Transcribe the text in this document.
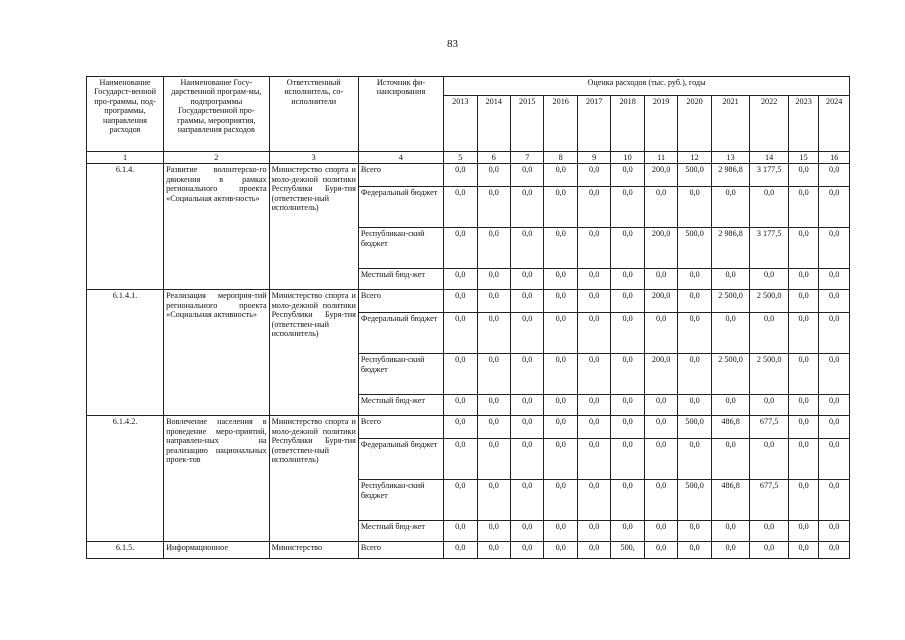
83
Наименование Государст-венной про-граммы, под-программы, направления расходов	Наименование Госу-дарственной програм-мы, подпрограммы Государственной про-граммы, мероприятия, направления расходов	Ответственный исполнитель, со-исполнители	Источник фи-нансирования	Оценка расходов (тыс. руб.), годы											
				2013	2014	2015	2016	2017	2018	2019	2020	2021	2022	2023	2024
1	2	3	4	5	6	7	8	9	10	11	12	13	14	15	16
6.1.4.	Развитие волонтерско-го движения в рамках регионального проекта «Социальная актив-ность»	Министерство спорта и моло-дежной политики Республики Буря-тия (ответствен-ный исполнитель)	Всего	0,0	0,0	0,0	0,0	0,0	0,0	200,0	500,0	2 986,8	3 177,5	0,0	0,0
			Федеральный бюджет	0,0	0,0	0,0	0,0	0,0	0,0	0,0	0,0	0,0	0,0	0,0	0,0
			Республикан-ский бюджет	0,0	0,0	0,0	0,0	0,0	0,0	200,0	500,0	2 986,8	3 177,5	0,0	0,0
			Местный бюд-жет	0,0	0,0	0,0	0,0	0,0	0,0	0,0	0,0	0,0	0,0	0,0	0,0
6.1.4.1.	Реализация мероприя-тий регионального проекта «Социальная активность»	Министерство спорта и моло-дежной политики Республики Буря-тия (ответствен-ный исполнитель)	Всего	0,0	0,0	0,0	0,0	0,0	0,0	200,0	0,0	2 500,0	2 500,0	0,0	0,0
			Федеральный бюджет	0,0	0,0	0,0	0,0	0,0	0,0	0,0	0,0	0,0	0,0	0,0	0,0
			Республикан-ский бюджет	0,0	0,0	0,0	0,0	0,0	0,0	200,0	0,0	2 500,0	2 500,0	0,0	0,0
			Местный бюд-жет	0,0	0,0	0,0	0,0	0,0	0,0	0,0	0,0	0,0	0,0	0,0	0,0
6.1.4.2.	Вовлечение населения в проведение меро-приятий, направлен-ных на реализацию национальных проек-тов	Министерство спорта и моло-дежной политики Республики Буря-тия (ответствен-ный исполнитель)	Всего	0,0	0,0	0,0	0,0	0,0	0,0	0,0	500,0	486,8	677,5	0,0	0,0
			Федеральный бюджет	0,0	0,0	0,0	0,0	0,0	0,0	0,0	0,0	0,0	0,0	0,0	0,0
			Республикан-ский бюджет	0,0	0,0	0,0	0,0	0,0	0,0	0,0	500,0	486,8	677,5	0,0	0,0
			Местный бюд-жет	0,0	0,0	0,0	0,0	0,0	0,0	0,0	0,0	0,0	0,0	0,0	0,0
6.1.5.	Информационное	Министерство	Всего	0,0	0,0	0,0	0,0	0,0	500,	0,0	0,0	0,0	0,0	0,0	0,0
